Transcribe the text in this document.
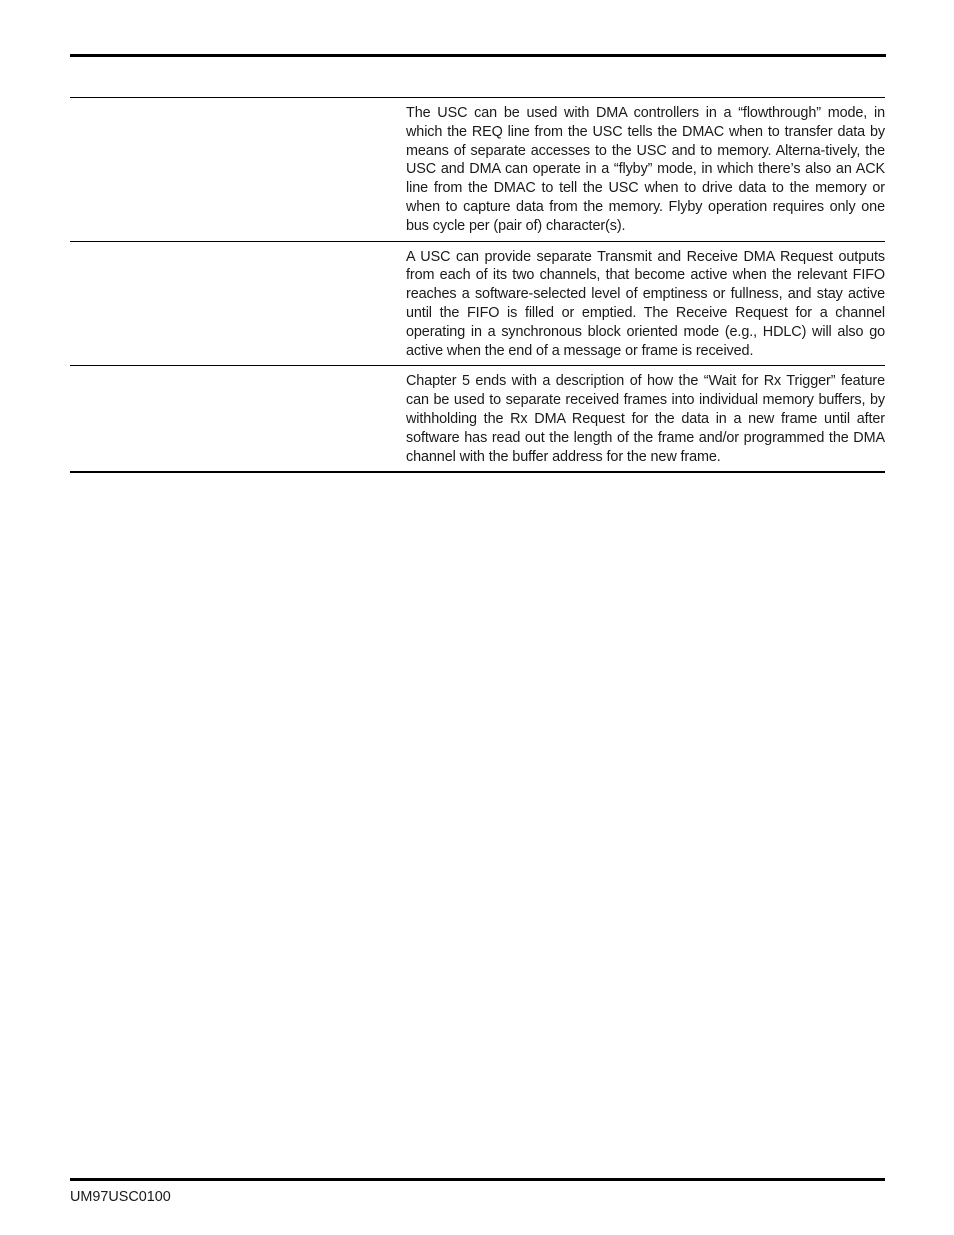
The USC can be used with DMA controllers in a “flowthrough” mode, in which the REQ line from the USC tells the DMAC when to transfer data by means of separate accesses to the USC and to memory. Alterna-tively, the USC and DMA can operate in a “flyby” mode, in which there’s also an ACK line from the DMAC to tell the USC when to drive data to the memory or when to capture data from the memory. Flyby operation requires only one bus cycle per (pair of) character(s).
A USC can provide separate Transmit and Receive DMA Request outputs from each of its two channels, that become active when the relevant FIFO reaches a software-selected level of emptiness or fullness, and stay active until the FIFO is filled or emptied. The Receive Request for a channel operating in a synchronous block oriented mode (e.g., HDLC) will also go active when the end of a message or frame is received.
Chapter 5 ends with a description of how the “Wait for Rx Trigger” feature can be used to separate received frames into individual memory buffers, by withholding the Rx DMA Request for the data in a new frame until after software has read out the length of the frame and/or programmed the DMA channel with the buffer address for the new frame.
UM97USC0100
